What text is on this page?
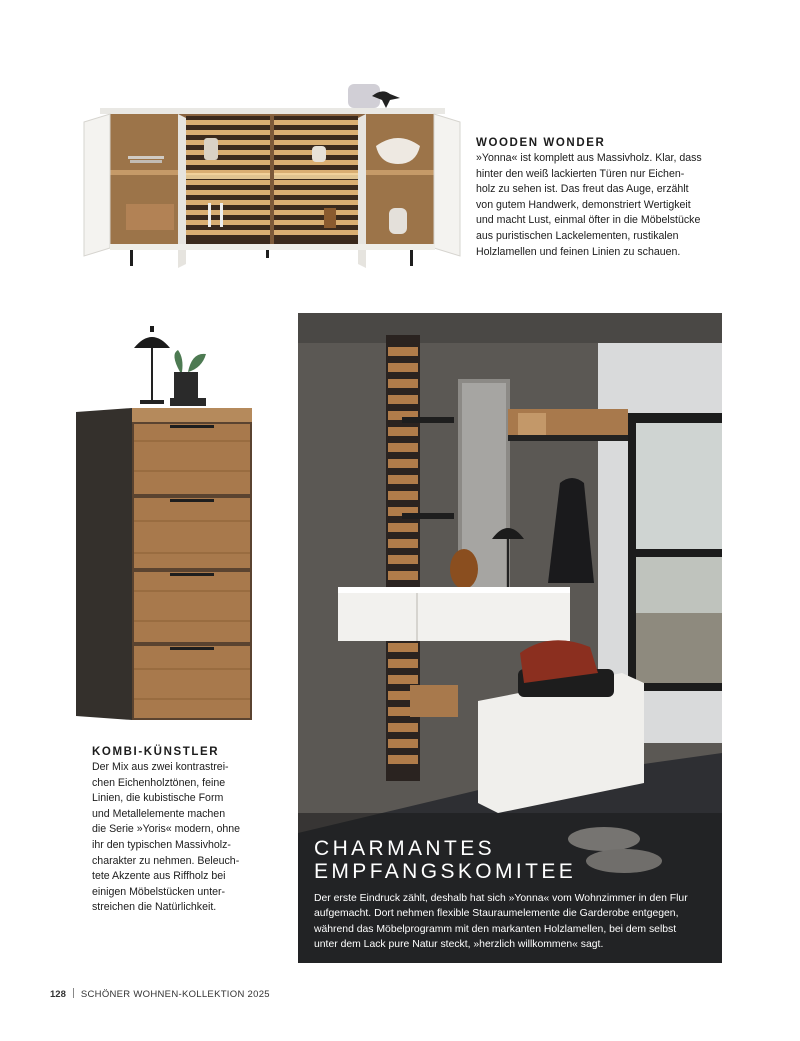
WOODEN WONDER

»Yonna« ist komplett aus Massivholz. Klar, dass
hinter den weiß lackierten Türen nur Eichen-
holz zu sehen ist. Das freut das Auge, erzählt
von gutem Handwerk, demonstriert Wertigkeit
und macht Lust, einmal öfter in die Möbelstücke
aus puristischen Lackelementen, rustikalen
Holzlamellen und feinen Linien zu schauen.

KOMBI-KÜNSTLER

Der Mix aus zwei kontrastrei-
chen Eichenholztönen, feine
Linien, die kubistische Form
und Metallelemente machen
die Serie »Yoris« modern, ohne
ihr den typischen Massivholz-
charakter zu nehmen. Beleuch-
tete Akzente aus Riffholz bei
einigen Möbelstücken unter-
streichen die Natürlichkeit.

CHARMANTES
EMPFANGSKOMITEE

Der erste Eindruck zählt, deshalb hat sich »Yonna« vom Wohnzimmer in den Flur
aufgemacht. Dort nehmen flexible Stauraumelemente die Garderobe entgegen,
während das Möbelprogramm mit den markanten Holzlamellen, bei dem selbst
unter dem Lack pure Natur steckt, »herzlich willkommen« sagt.

128 SCHÖNER WOHNEN-KOLLEKTION 2025
